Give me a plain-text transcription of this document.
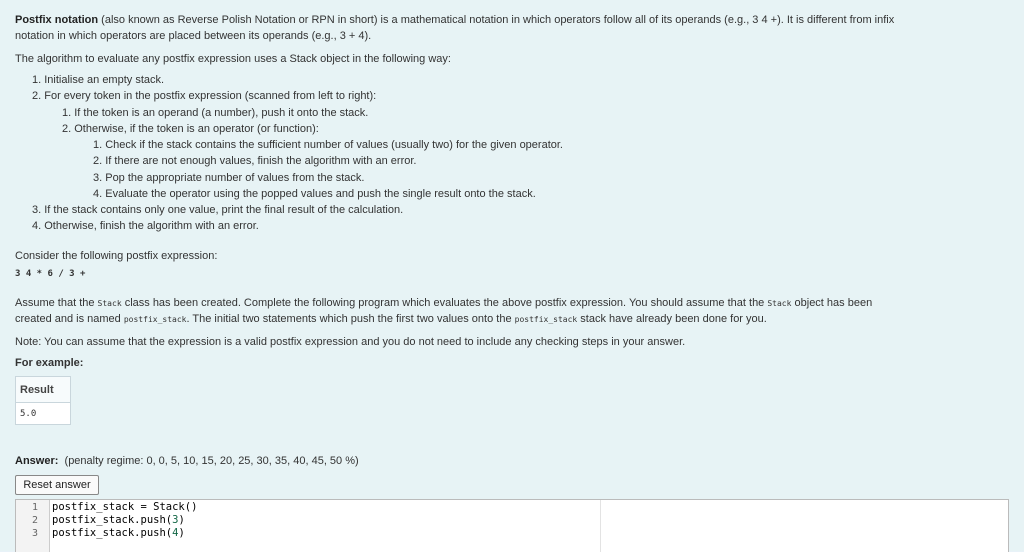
Postfix notation (also known as Reverse Polish Notation or RPN in short) is a mathematical notation in which operators follow all of its operands (e.g., 3 4 +). It is different from infix

notation in which operators are placed between its operands (e.g., 3 + 4).

The algorithm to evaluate any postfix expression uses a Stack object in the following way:

1. Initialise an empty stack.
2. For every token in the postfix expression (scanned from left to right):
1. If the token is an operand (a number), push it onto the stack.
2. Otherwise, if the token is an operator (or function):
1. Check if the stack contains the sufficient number of values (usually two) for the given operator.
2. If there are not enough values, finish the algorithm with an error.
3. Pop the appropriate number of values from the stack.
4. Evaluate the operator using the popped values and push the single result onto the stack.
3. If the stack contains only one value, print the final result of the calculation.
4. Otherwise, finish the algorithm with an error.

Consider the following postfix expression:

3 4 * 6 / 3 +

Assume that the Stack class has been created. Complete the following program which evaluates the above postfix expression. You should assume that the Stack object has been

created and is named postfix_stack. The initial two statements which push the first two values onto the postfix_stack stack have already been done for you.

Note: You can assume that the expression is a valid postfix expression and you do not need to include any checking steps in your answer.

For example:

Result
5.0

Answer: (penalty regime: 0, 0, 5, 10, 15, 20, 25, 30, 35, 40, 45, 50 %)

Reset answer
1
2
3
postfix_stack = Stack()
postfix_stack.push(3)
postfix_stack.push(4)
